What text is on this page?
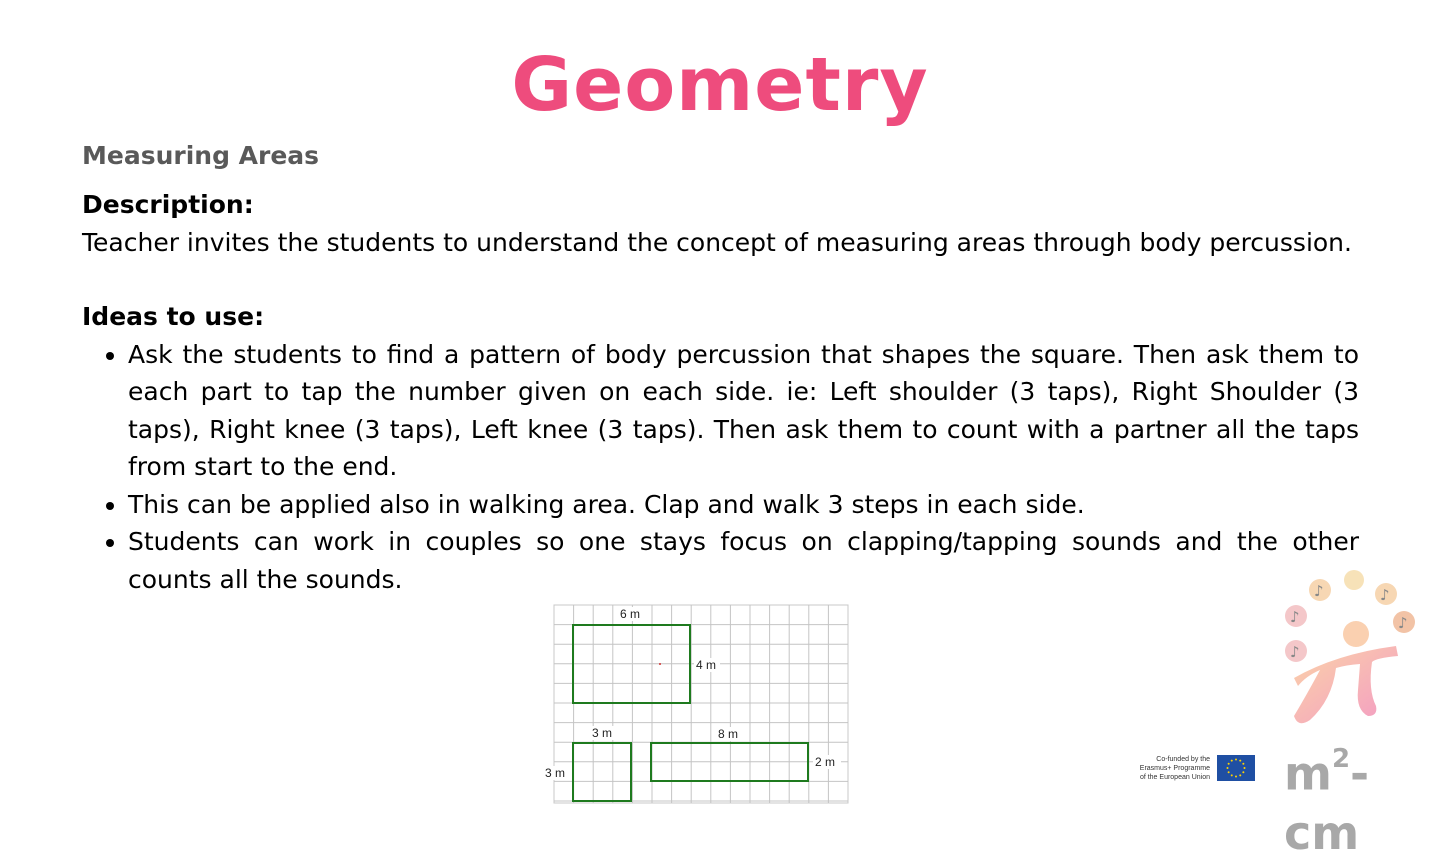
Geometry
Measuring Areas

Description:

Teacher invites the students to understand the concept of measuring areas through body percussion.

Ideas to use:

• Ask the students to find a pattern of body percussion that shapes the square. Then ask them to each part to tap the number given on each side. ie: Left shoulder (3 taps), Right Shoulder (3 taps), Right knee (3 taps), Left knee (3 taps). Then ask them to count with a partner all the taps from start to the end.
• This can be applied also in walking area. Clap and walk 3 steps in each side.
• Students can work in couples so one stays focus on clapping/tapping sounds and the other counts all the sounds.
6 m
4 m
3 m
3 m
8 m
2 m
♪	♪
♪
♪
♪
Co-funded by the
Erasmus+ Programme
of the European Union $m^2-cm$
